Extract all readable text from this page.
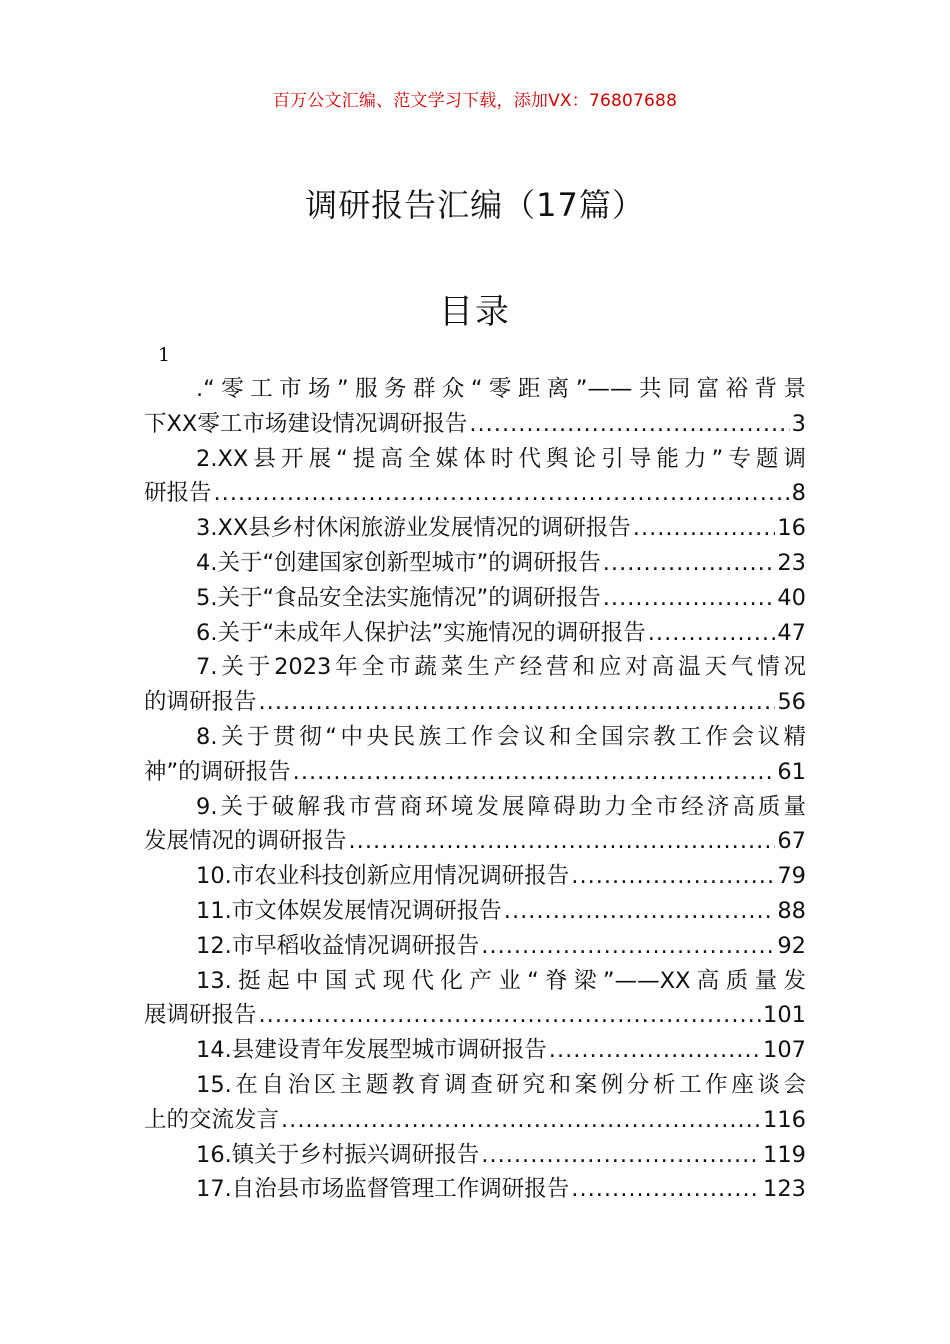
百万公文汇编、范文学习下载，添加VX：76807688
调研报告汇编（17篇）
目录
1
.“零工市场”服务群众“零距离”——共同富裕背景
下XX零工市场建设情况调研报告 .....	3
2.XX县开展“提高全媒体时代舆论引导能力”专题调
研报告 .....	8
3.XX县乡村休闲旅游业发展情况的调研报告 .....	16
4.关于“创建国家创新型城市”的调研报告 .....	23
5.关于“食品安全法实施情况”的调研报告 .....	40
6.关于“未成年人保护法”实施情况的调研报告 .....	47
7.关于2023年全市蔬菜生产经营和应对高温天气情况
的调研报告 .....	56
8.关于贯彻“中央民族工作会议和全国宗教工作会议精
神”的调研报告 .....	61
9.关于破解我市营商环境发展障碍助力全市经济高质量
发展情况的调研报告 .....	67
10.市农业科技创新应用情况调研报告 .....	79
11.市文体娱发展情况调研报告 .....	88
12.市早稻收益情况调研报告 .....	92
13.挺起中国式现代化产业“脊梁”——XX高质量发
展调研报告 .....	101
14.县建设青年发展型城市调研报告 .....	107
15.在自治区主题教育调查研究和案例分析工作座谈会
上的交流发言 .....	116
16.镇关于乡村振兴调研报告 .....	119
17.自治县市场监督管理工作调研报告 .....	123
